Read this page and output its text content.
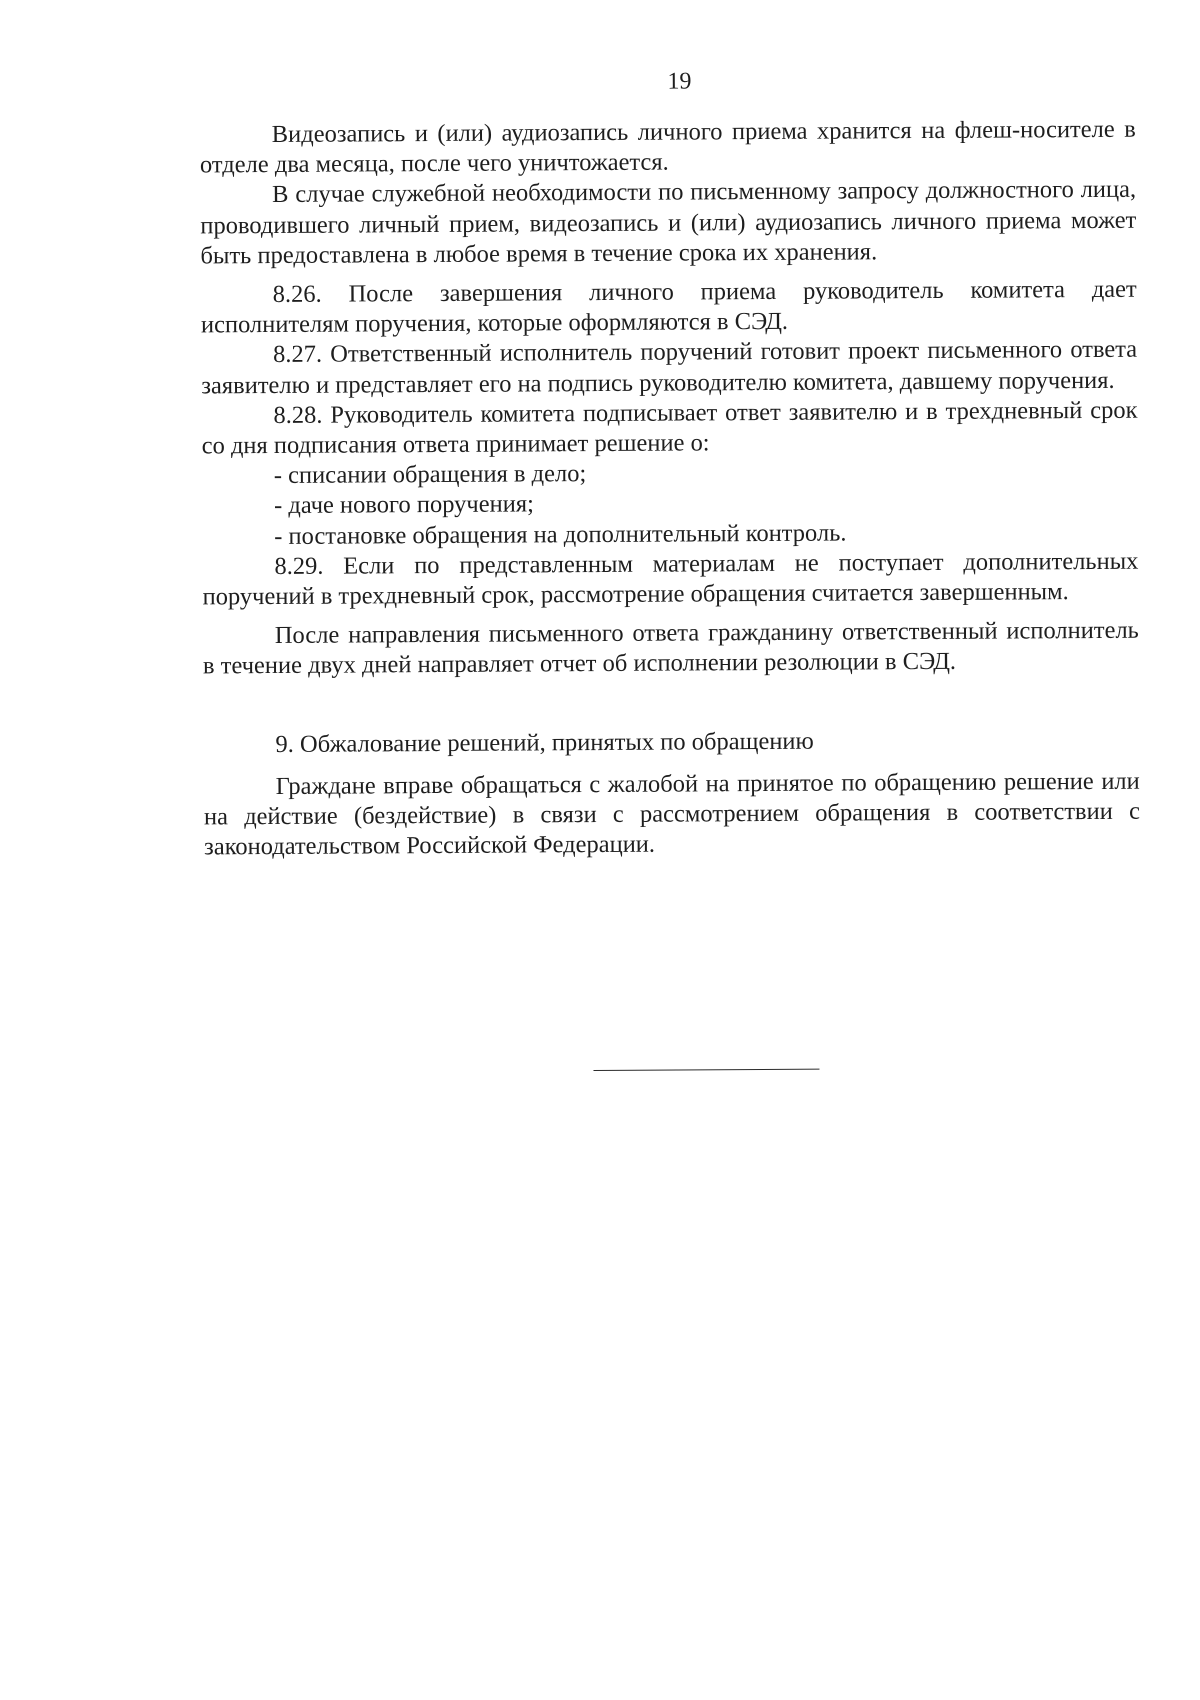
19

Видеозапись и (или) аудиозапись личного приема хранится на флеш-носителе в отделе два месяца, после чего уничтожается.

В случае служебной необходимости по письменному запросу должностного лица, проводившего личный прием, видеозапись и (или) аудиозапись личного приема может быть предоставлена в любое время в течение срока их хранения.

8.26. После завершения личного приема руководитель комитета дает исполнителям поручения, которые оформляются в СЭД.

8.27. Ответственный исполнитель поручений готовит проект письменного ответа заявителю и представляет его на подпись руководителю комитета, давшему поручения.

8.28. Руководитель комитета подписывает ответ заявителю и в трехдневный срок со дня подписания ответа принимает решение о:

- списании обращения в дело;

- даче нового поручения;

- постановке обращения на дополнительный контроль.

8.29. Если по представленным материалам не поступает дополнительных поручений в трехдневный срок, рассмотрение обращения считается завершенным.

После направления письменного ответа гражданину ответственный исполнитель в течение двух дней направляет отчет об исполнении резолюции в СЭД.

9. Обжалование решений, принятых по обращению

Граждане вправе обращаться с жалобой на принятое по обращению решение или на действие (бездействие) в связи с рассмотрением обращения в соответствии с законодательством Российской Федерации.
